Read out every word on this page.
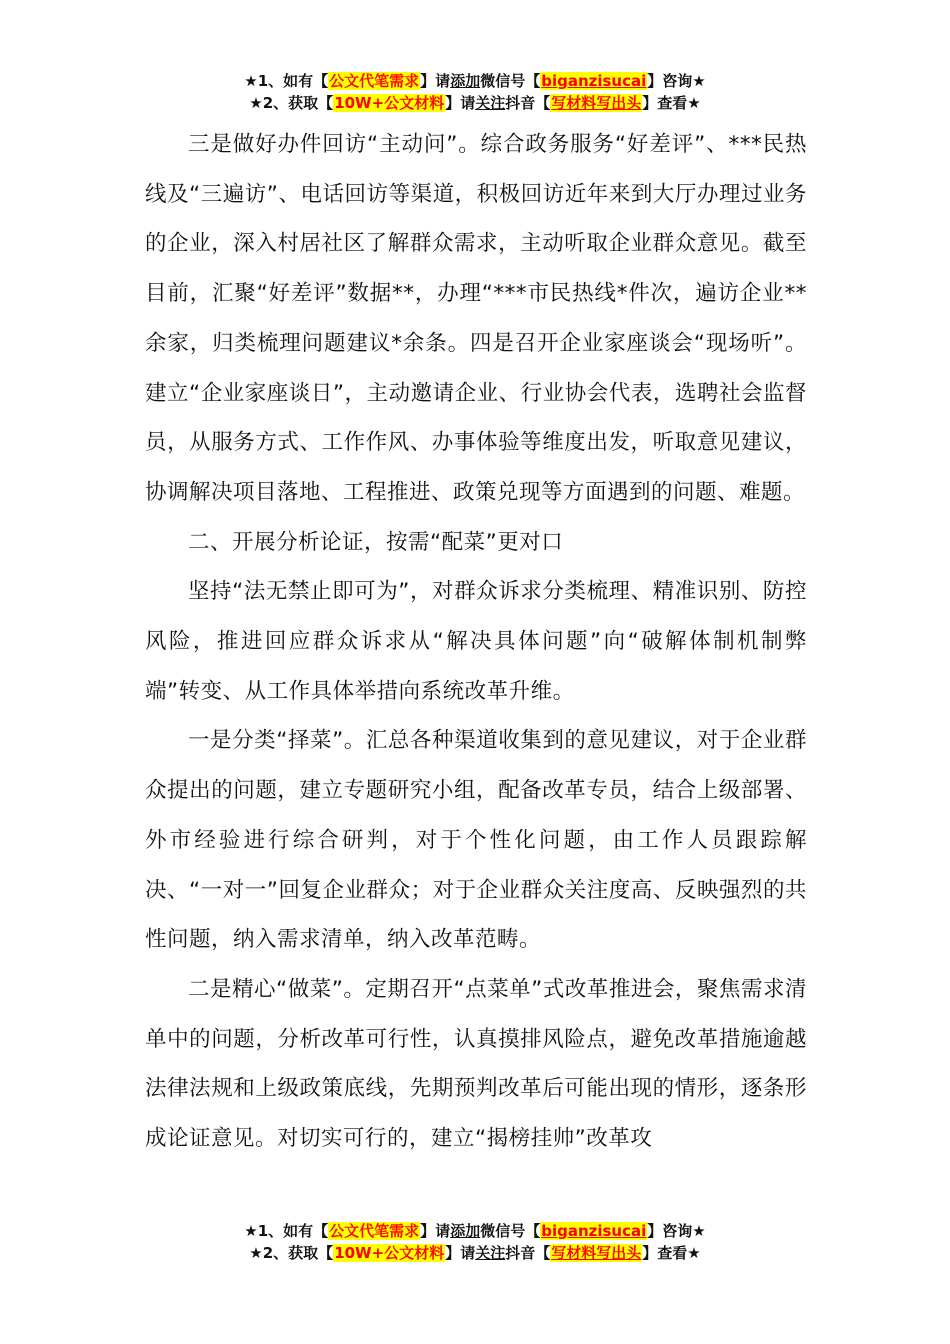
★1、如有【公文代笔需求】请添加微信号【biganzisucai】咨询★
★2、获取【10W+公文材料】请关注抖音【写材料写出头】查看★

三是做好办件回访“主动问”。综合政务服务“好差评”、***民热线及“三遍访”、电话回访等渠道，积极回访近年来到大厅办理过业务的企业，深入村居社区了解群众需求，主动听取企业群众意见。截至目前，汇聚“好差评”数据**，办理“***市民热线*件次，遍访企业**余家，归类梳理问题建议*余条。四是召开企业家座谈会“现场听”。建立“企业家座谈日”，主动邀请企业、行业协会代表，选聘社会监督员，从服务方式、工作作风、办事体验等维度出发，听取意见建议，协调解决项目落地、工程推进、政策兑现等方面遇到的问题、难题。

二、开展分析论证，按需“配菜”更对口

坚持“法无禁止即可为”，对群众诉求分类梳理、精准识别、防控风险，推进回应群众诉求从“解决具体问题”向“破解体制机制弊端”转变、从工作具体举措向系统改革升维。

一是分类“择菜”。汇总各种渠道收集到的意见建议，对于企业群众提出的问题，建立专题研究小组，配备改革专员，结合上级部署、外市经验进行综合研判，对于个性化问题，由工作人员跟踪解决、“一对一”回复企业群众；对于企业群众关注度高、反映强烈的共性问题，纳入需求清单，纳入改革范畴。

二是精心“做菜”。定期召开“点菜单”式改革推进会，聚焦需求清单中的问题，分析改革可行性，认真摸排风险点，避免改革措施逾越法律法规和上级政策底线，先期预判改革后可能出现的情形，逐条形成论证意见。对切实可行的，建立“揭榜挂帅”改革攻

★1、如有【公文代笔需求】请添加微信号【biganzisucai】咨询★
★2、获取【10W+公文材料】请关注抖音【写材料写出头】查看★
